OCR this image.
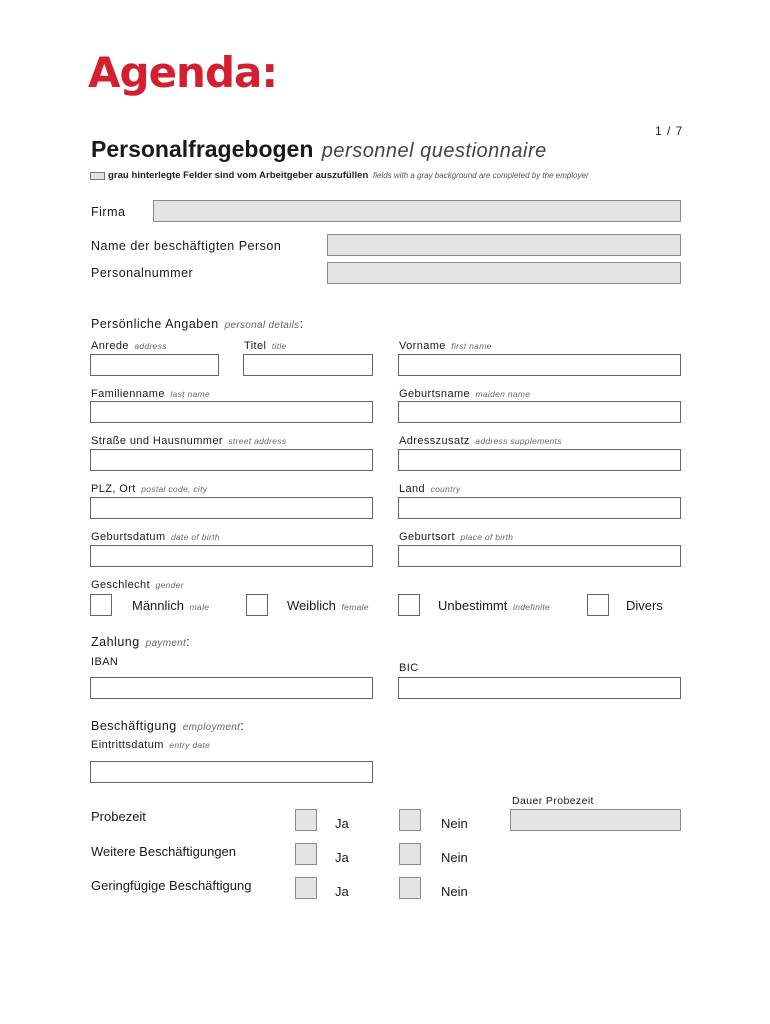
Agenda:
1 / 7
Personalfragebogen personnel questionnaire
grau hinterlegte Felder sind vom Arbeitgeber auszufüllen fields with a gray background are completed by the employer
Firma
Name der beschäftigten Person
Personalnummer
Persönliche Angaben personal details:
Anrede address	Titel title	Vorname first name
Familienname last name	Geburtsname maiden name
Straße und Hausnummer street address	Adresszusatz address supplements
PLZ, Ort postal code, city	Land country
Geburtsdatum date of birth	Geburtsort place of birth
Geschlecht gender
Männlich male	Weiblich female	Unbestimmt indefinite	Divers
Zahlung payment:
IBAN	BIC
Beschäftigung employment:
Eintrittsdatum entry date
Dauer Probezeit
Probezeit	Ja	Nein
Weitere Beschäftigungen	Ja	Nein
Geringfügige Beschäftigung	Ja	Nein
